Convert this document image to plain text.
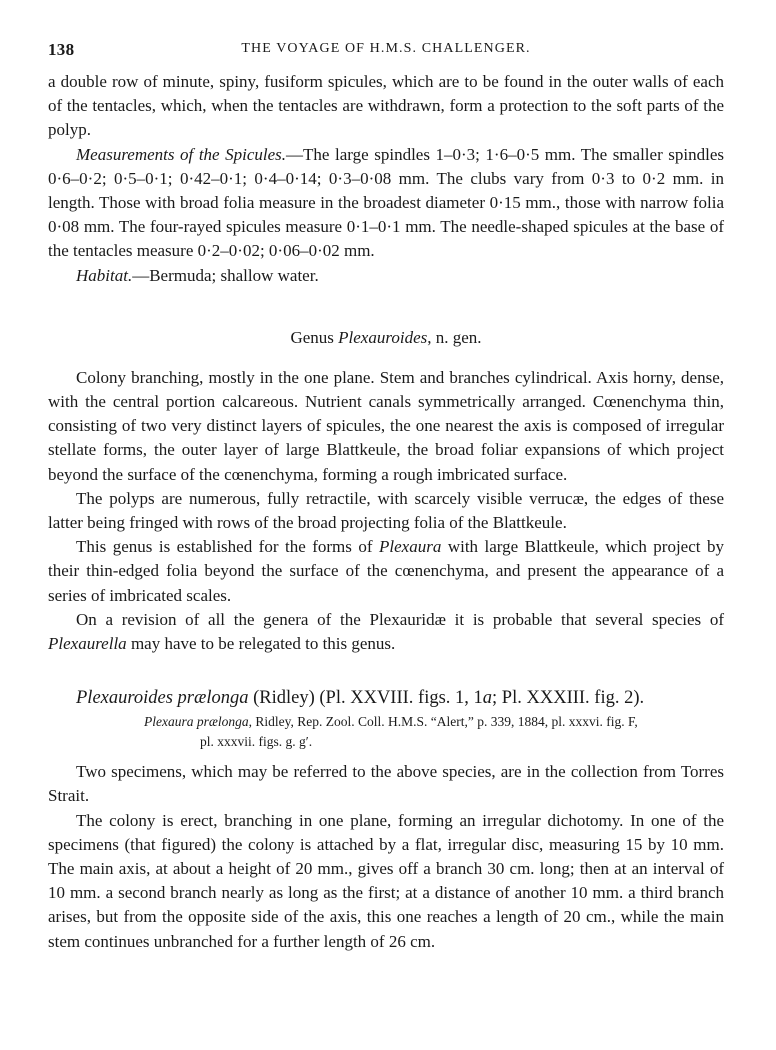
138	THE VOYAGE OF H.M.S. CHALLENGER.

a double row of minute, spiny, fusiform spicules, which are to be found in the outer walls of each of the tentacles, which, when the tentacles are withdrawn, form a protection to the soft parts of the polyp.

Measurements of the Spicules.—The large spindles 1–0·3; 1·6–0·5 mm. The smaller spindles 0·6–0·2; 0·5–0·1; 0·42–0·1; 0·4–0·14; 0·3–0·08 mm. The clubs vary from 0·3 to 0·2 mm. in length. Those with broad folia measure in the broadest diameter 0·15 mm., those with narrow folia 0·08 mm. The four-rayed spicules measure 0·1–0·1 mm. The needle-shaped spicules at the base of the tentacles measure 0·2–0·02; 0·06–0·02 mm.

Habitat.—Bermuda; shallow water.

Genus Plexauroides, n. gen.

Colony branching, mostly in the one plane. Stem and branches cylindrical. Axis horny, dense, with the central portion calcareous. Nutrient canals symmetrically arranged. Cœnenchyma thin, consisting of two very distinct layers of spicules, the one nearest the axis is composed of irregular stellate forms, the outer layer of large Blattkeule, the broad foliar expansions of which project beyond the surface of the cœnenchyma, forming a rough imbricated surface.

The polyps are numerous, fully retractile, with scarcely visible verrucæ, the edges of these latter being fringed with rows of the broad projecting folia of the Blattkeule.

This genus is established for the forms of Plexaura with large Blattkeule, which project by their thin-edged folia beyond the surface of the cœnenchyma, and present the appearance of a series of imbricated scales.

On a revision of all the genera of the Plexauridæ it is probable that several species of Plexaurella may have to be relegated to this genus.

Plexauroides prælonga (Ridley) (Pl. XXVIII. figs. 1, 1a; Pl. XXXIII. fig. 2).

Plexaura prælonga, Ridley, Rep. Zool. Coll. H.M.S. “Alert,” p. 339, 1884, pl. xxxvi. fig. F,
pl. xxxvii. figs. g. g′.

Two specimens, which may be referred to the above species, are in the collection from Torres Strait.

The colony is erect, branching in one plane, forming an irregular dichotomy. In one of the specimens (that figured) the colony is attached by a flat, irregular disc, measuring 15 by 10 mm. The main axis, at about a height of 20 mm., gives off a branch 30 cm. long; then at an interval of 10 mm. a second branch nearly as long as the first; at a distance of another 10 mm. a third branch arises, but from the opposite side of the axis, this one reaches a length of 20 cm., while the main stem continues unbranched for a further length of 26 cm.
